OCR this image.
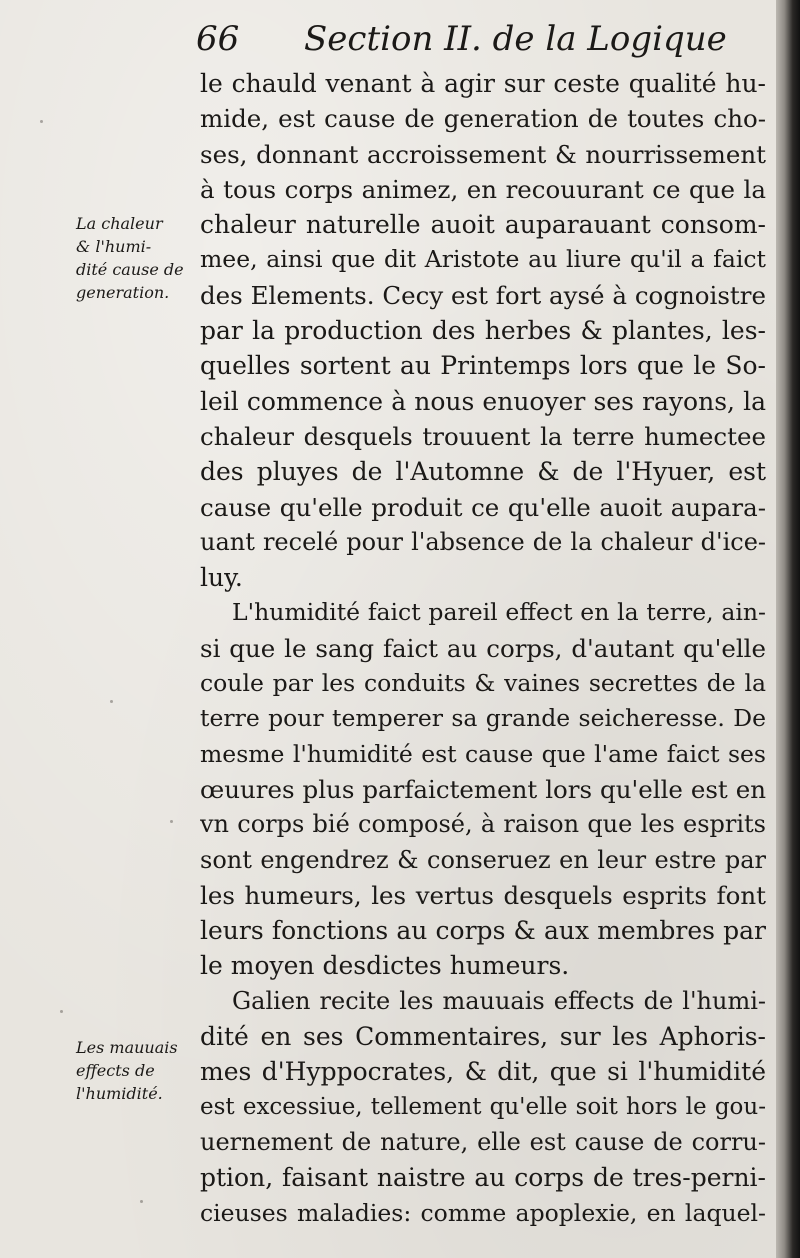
66 Section II. de la Logique
La chaleur
& l'humi-
dité cause de
generation.
Les mauuais
effects de
l'humidité.
le chauld venant à agir sur ceste qualité hu-
mide, est cause de generation de toutes cho-
ses, donnant accroissement & nourrissement
à tous corps animez, en recouurant ce que la
chaleur naturelle auoit auparauant consom-
mee, ainsi que dit Aristote au liure qu'il a faict
des Elements. Cecy est fort aysé à cognoistre
par la production des herbes & plantes, les-
quelles sortent au Printemps lors que le So-
leil commence à nous enuoyer ses rayons, la
chaleur desquels trouuent la terre humectee
des pluyes de l'Automne & de l'Hyuer, est
cause qu'elle produit ce qu'elle auoit aupara-
uant recelé pour l'absence de la chaleur d'ice-
luy.
L'humidité faict pareil effect en la terre, ain-
si que le sang faict au corps, d'autant qu'elle
coule par les conduits & vaines secrettes de la
terre pour temperer sa grande seicheresse. De
mesme l'humidité est cause que l'ame faict ses
œuures plus parfaictement lors qu'elle est en
vn corps bié composé, à raison que les esprits
sont engendrez & conseruez en leur estre par
les humeurs, les vertus desquels esprits font
leurs fonctions au corps & aux membres par
le moyen desdictes humeurs.
Galien recite les mauuais effects de l'humi-
dité en ses Commentaires, sur les Aphoris-
mes d'Hyppocrates, & dit, que si l'humidité
est excessiue, tellement qu'elle soit hors le gou-
uernement de nature, elle est cause de corru-
ption, faisant naistre au corps de tres-perni-
cieuses maladies: comme apoplexie, en laquel-
